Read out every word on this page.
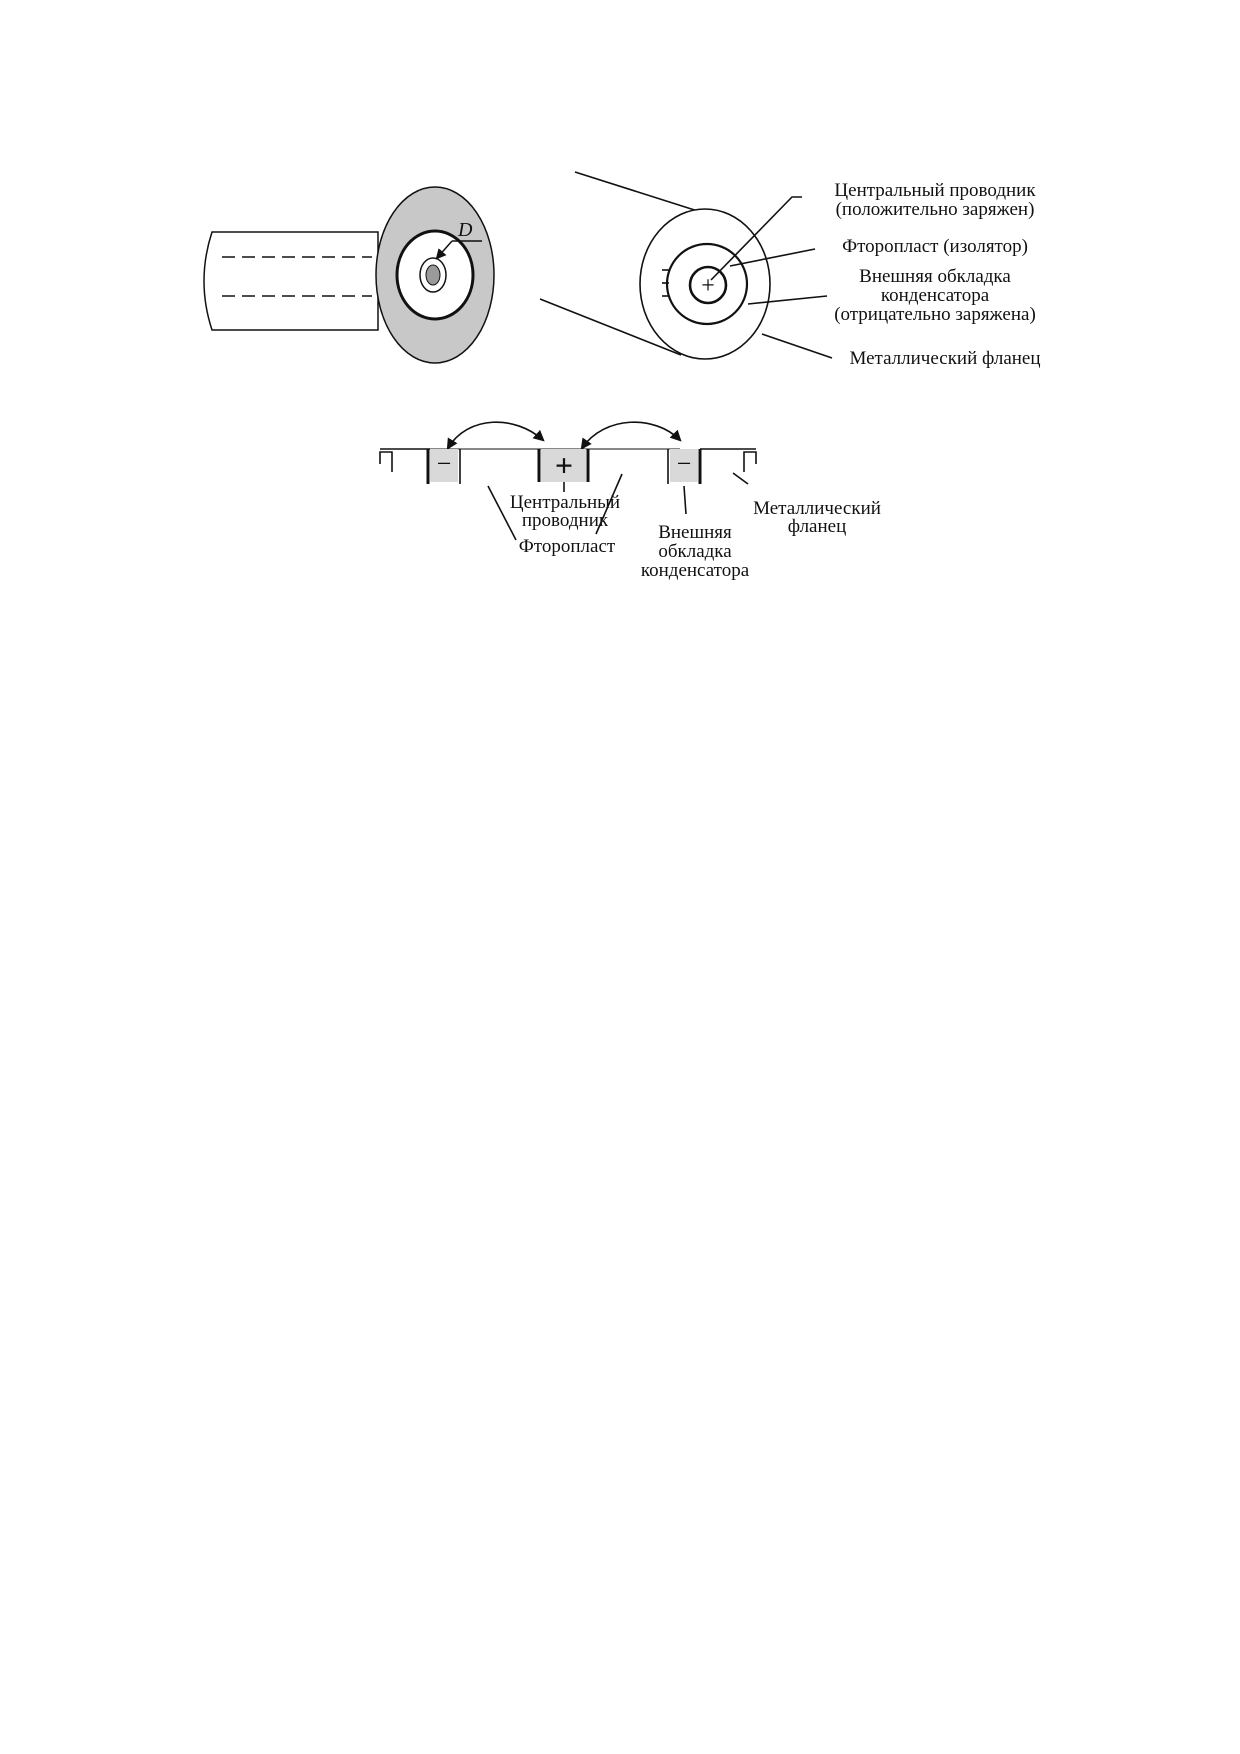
D
+
Центральный проводник
(положительно заряжен)
Фторопласт (изолятор)
Внешняя обкладка
конденсатора
(отрицательно заряжена)
Металлический фланец
−	+	−
Центральный
проводник
Фторопласт
Внешняя
обкладка
конденсатора
Металлический
фланец
